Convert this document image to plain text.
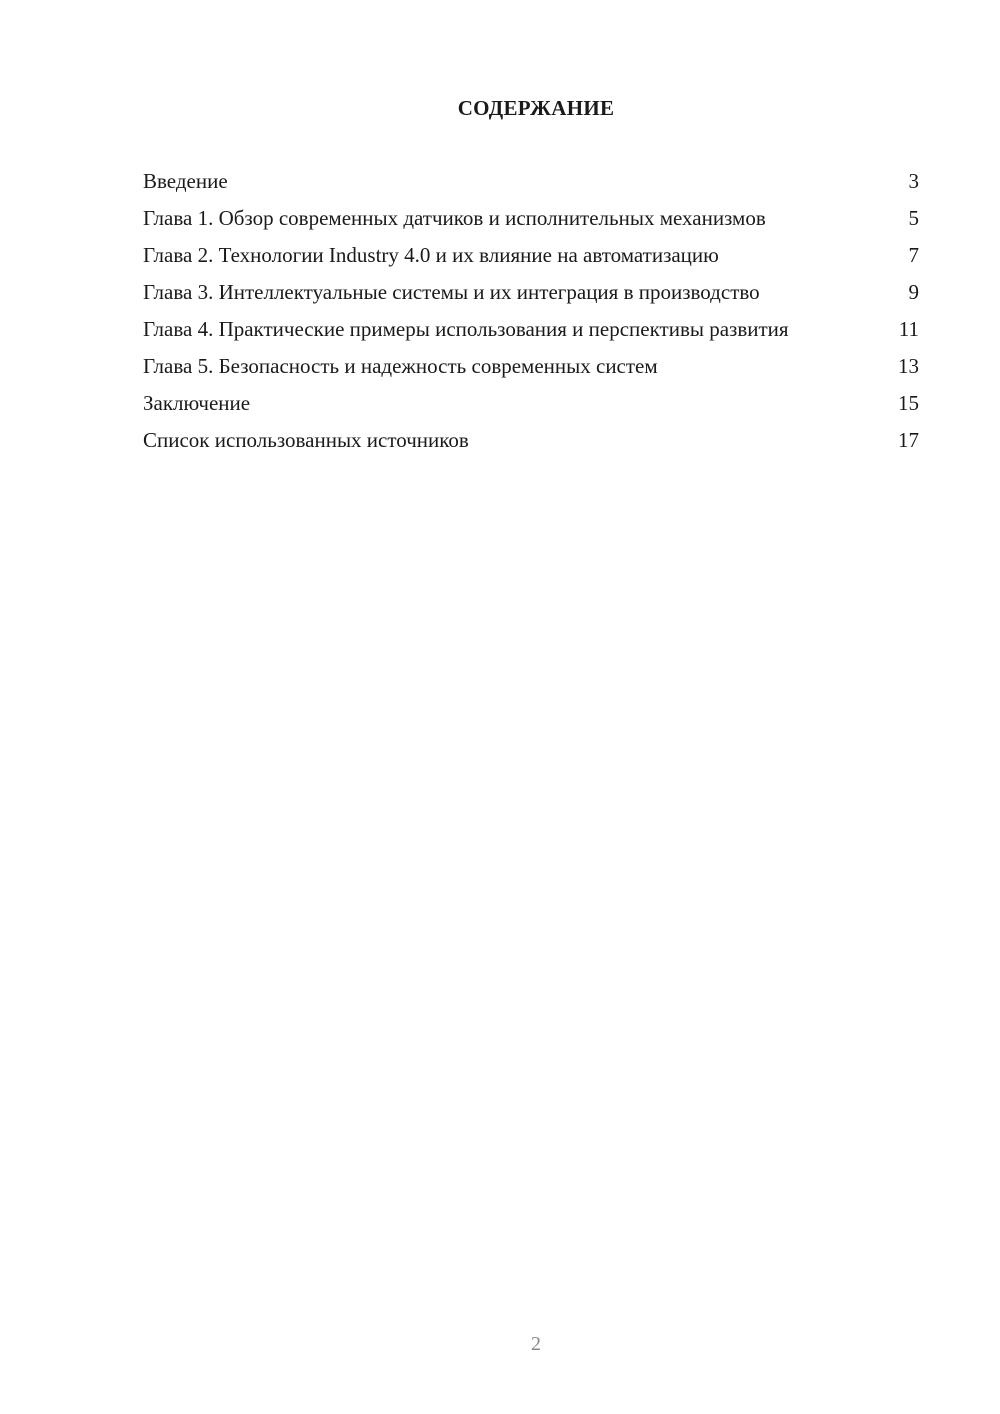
СОДЕРЖАНИЕ
Введение	3
Глава 1. Обзор современных датчиков и исполнительных механизмов	5
Глава 2. Технологии Industry 4.0 и их влияние на автоматизацию	7
Глава 3. Интеллектуальные системы и их интеграция в производство	9
Глава 4. Практические примеры использования и перспективы развития	11
Глава 5. Безопасность и надежность современных систем	13
Заключение	15
Список использованных источников	17
2
